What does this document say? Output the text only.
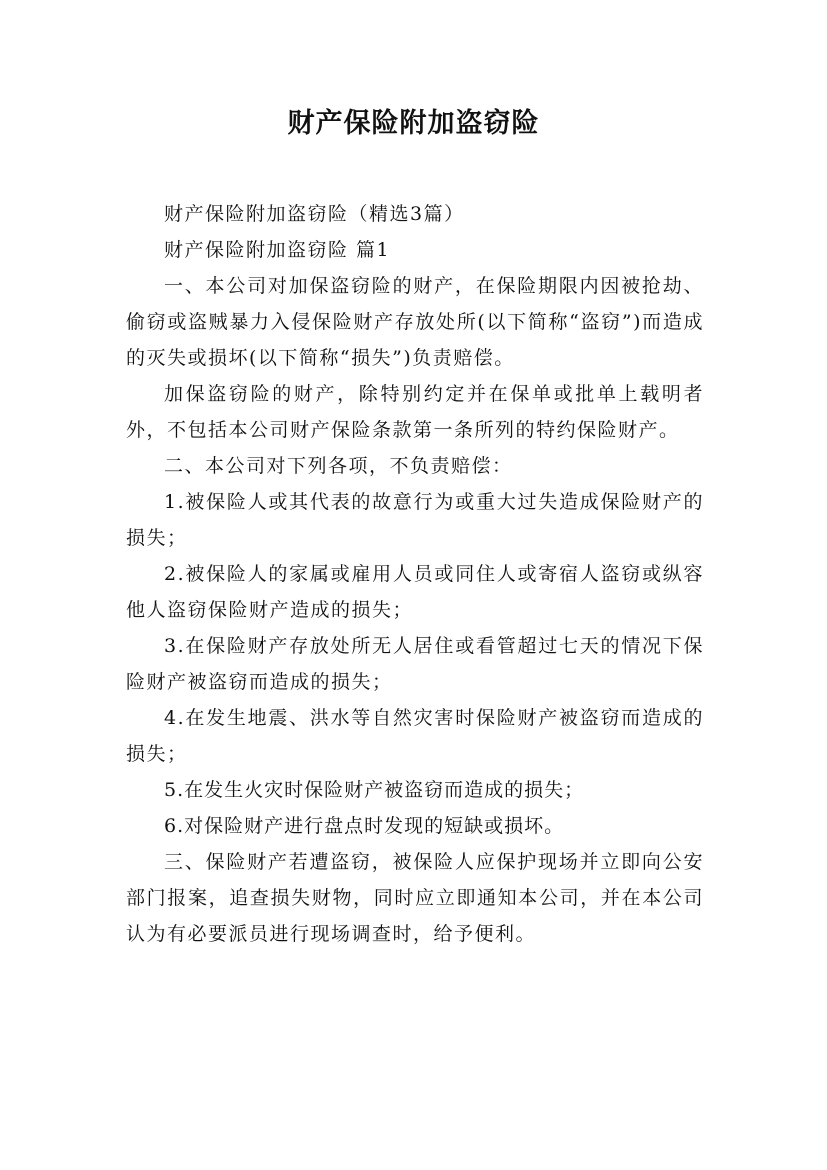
财产保险附加盗窃险

财产保险附加盗窃险（精选3篇）

财产保险附加盗窃险 篇1

一、本公司对加保盗窃险的财产，在保险期限内因被抢劫、偷窃或盗贼暴力入侵保险财产存放处所(以下简称“盗窃”)而造成的灭失或损坏(以下简称“损失”)负责赔偿。

加保盗窃险的财产，除特别约定并在保单或批单上载明者外，不包括本公司财产保险条款第一条所列的特约保险财产。

二、本公司对下列各项，不负责赔偿：

1.被保险人或其代表的故意行为或重大过失造成保险财产的损失；

2.被保险人的家属或雇用人员或同住人或寄宿人盗窃或纵容他人盗窃保险财产造成的损失；

3.在保险财产存放处所无人居住或看管超过七天的情况下保险财产被盗窃而造成的损失；

4.在发生地震、洪水等自然灾害时保险财产被盗窃而造成的损失；

5.在发生火灾时保险财产被盗窃而造成的损失；

6.对保险财产进行盘点时发现的短缺或损坏。

三、保险财产若遭盗窃，被保险人应保护现场并立即向公安部门报案，追查损失财物，同时应立即通知本公司，并在本公司认为有必要派员进行现场调查时，给予便利。
